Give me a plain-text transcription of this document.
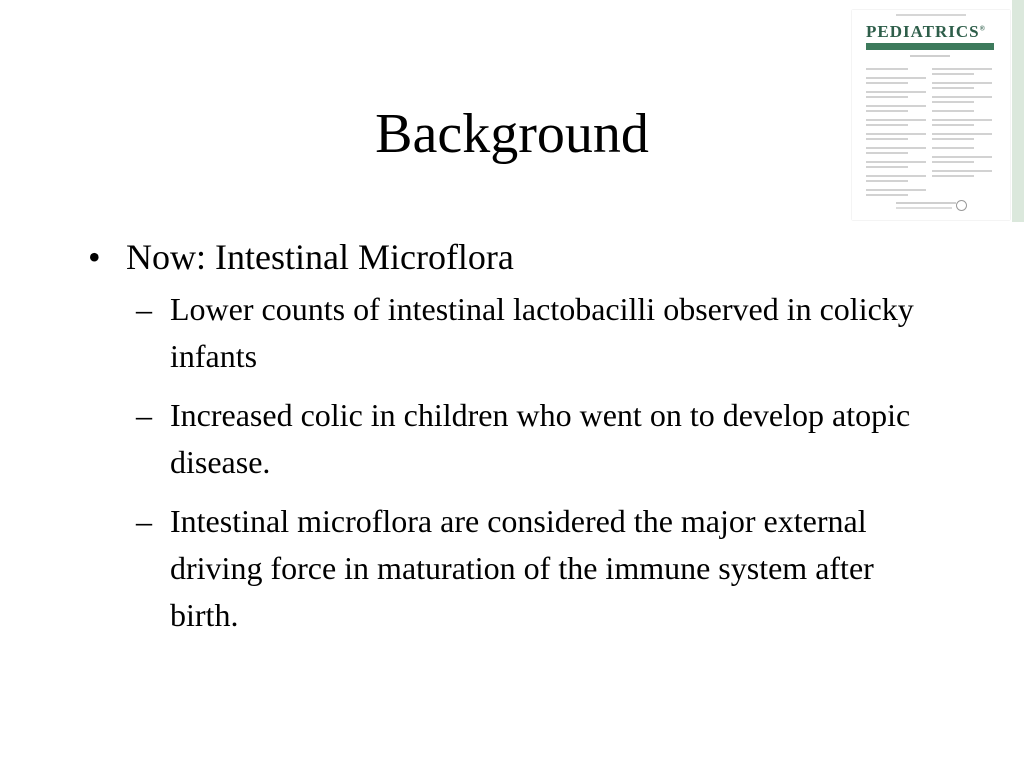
PEDIATRICS®
Background
• Now: Intestinal Microflora
– Lower counts of intestinal lactobacilli observed in colicky infants
– Increased colic in children who went on to develop atopic disease.
– Intestinal microflora are considered the major external driving force in maturation of the immune system after birth.
